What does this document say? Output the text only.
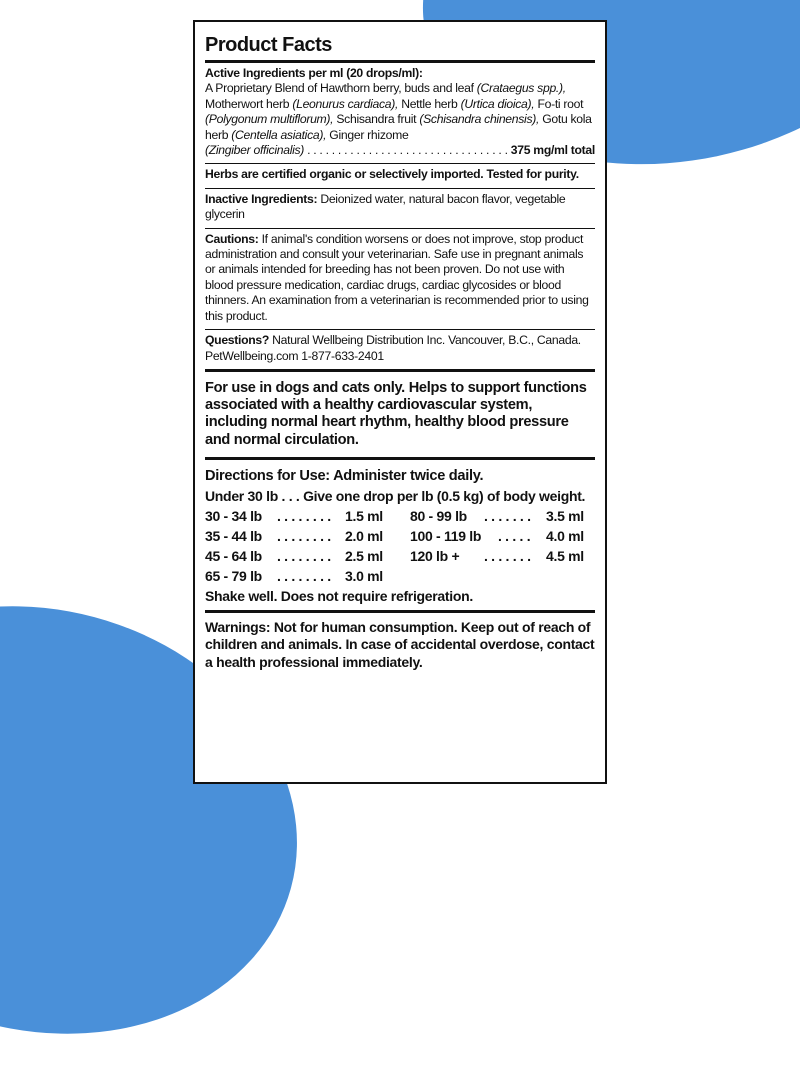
Product Facts
Active Ingredients per ml (20 drops/ml):
A Proprietary Blend of Hawthorn berry, buds and leaf (Crataegus spp.), Motherwort herb (Leonurus cardiaca), Nettle herb (Urtica dioica), Fo-ti root (Polygonum multiflorum), Schisandra fruit (Schisandra chinensis), Gotu kola herb (Centella asiatica), Ginger rhizome
(Zingiber officinalis)
. . .	375 mg/ml total
Herbs are certified organic or selectively imported. Tested for purity.
Inactive Ingredients: Deionized water, natural bacon flavor, vegetable glycerin
Cautions: If animal's condition worsens or does not improve, stop product administration and consult your veterinarian. Safe use in pregnant animals or animals intended for breeding has not been proven. Do not use with blood pressure medication, cardiac drugs, cardiac glycosides or blood thinners. An examination from a veterinarian is recommended prior to using this product.
Questions? Natural Wellbeing Distribution Inc. Vancouver, B.C., Canada.
PetWellbeing.com 1-877-633-2401
For use in dogs and cats only. Helps to support functions associated with a healthy cardiovascular system, including normal heart rhythm, healthy blood pressure and normal circulation.
Directions for Use: Administer twice daily.
Under 30 lb . . . Give one drop per lb (0.5 kg) of body weight.
30 - 34 lb	. . . . . . . .	1.5 ml
35 - 44 lb	. . . . . . . .	2.0 ml
45 - 64 lb	. . . . . . . .	2.5 ml
65 - 79 lb	. . . . . . . .	3.0 ml
80 - 99 lb	. . . . . . .	3.5 ml
100 - 119 lb	. . . . .	4.0 ml
120 lb +	. . . . . . .	4.5 ml
Shake well. Does not require refrigeration.
Warnings: Not for human consumption. Keep out of reach of children and animals. In case of accidental overdose, contact a health professional immediately.
